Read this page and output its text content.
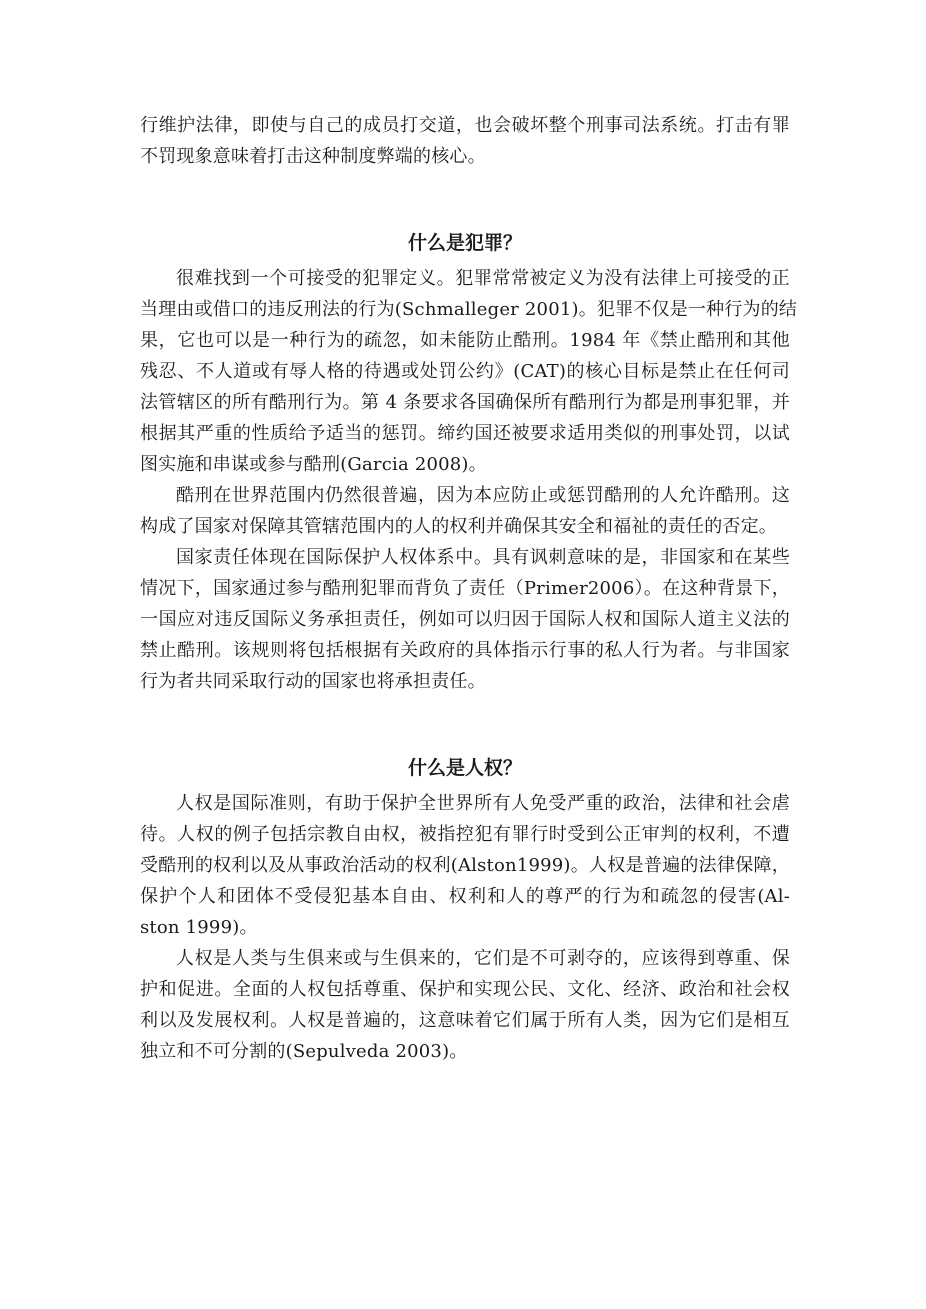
行维护法律，即使与自己的成员打交道，也会破坏整个刑事司法系统。打击有罪
不罚现象意味着打击这种制度弊端的核心。
什么是犯罪？
很难找到一个可接受的犯罪定义。犯罪常常被定义为没有法律上可接受的正
当理由或借口的违反刑法的行为(Schmalleger 2001)。犯罪不仅是一种行为的结
果，它也可以是一种行为的疏忽，如未能防止酷刑。1984 年《禁止酷刑和其他
残忍、不人道或有辱人格的待遇或处罚公约》(CAT)的核心目标是禁止在任何司
法管辖区的所有酷刑行为。第 4 条要求各国确保所有酷刑行为都是刑事犯罪，并
根据其严重的性质给予适当的惩罚。缔约国还被要求适用类似的刑事处罚，以试
图实施和串谋或参与酷刑(Garcia 2008)。
酷刑在世界范围内仍然很普遍，因为本应防止或惩罚酷刑的人允许酷刑。这
构成了国家对保障其管辖范围内的人的权利并确保其安全和福祉的责任的否定。
国家责任体现在国际保护人权体系中。具有讽刺意味的是，非国家和在某些
情况下，国家通过参与酷刑犯罪而背负了责任（Primer2006）。在这种背景下，
一国应对违反国际义务承担责任，例如可以归因于国际人权和国际人道主义法的
禁止酷刑。该规则将包括根据有关政府的具体指示行事的私人行为者。与非国家
行为者共同采取行动的国家也将承担责任。
什么是人权？
人权是国际准则，有助于保护全世界所有人免受严重的政治，法律和社会虐
待。人权的例子包括宗教自由权，被指控犯有罪行时受到公正审判的权利，不遭
受酷刑的权利以及从事政治活动的权利(Alston1999)。人权是普遍的法律保障，
保护个人和团体不受侵犯基本自由、权利和人的尊严的行为和疏忽的侵害(Al-
ston 1999)。
人权是人类与生俱来或与生俱来的，它们是不可剥夺的，应该得到尊重、保
护和促进。全面的人权包括尊重、保护和实现公民、文化、经济、政治和社会权
利以及发展权利。人权是普遍的，这意味着它们属于所有人类，因为它们是相互
独立和不可分割的(Sepulveda 2003)。
